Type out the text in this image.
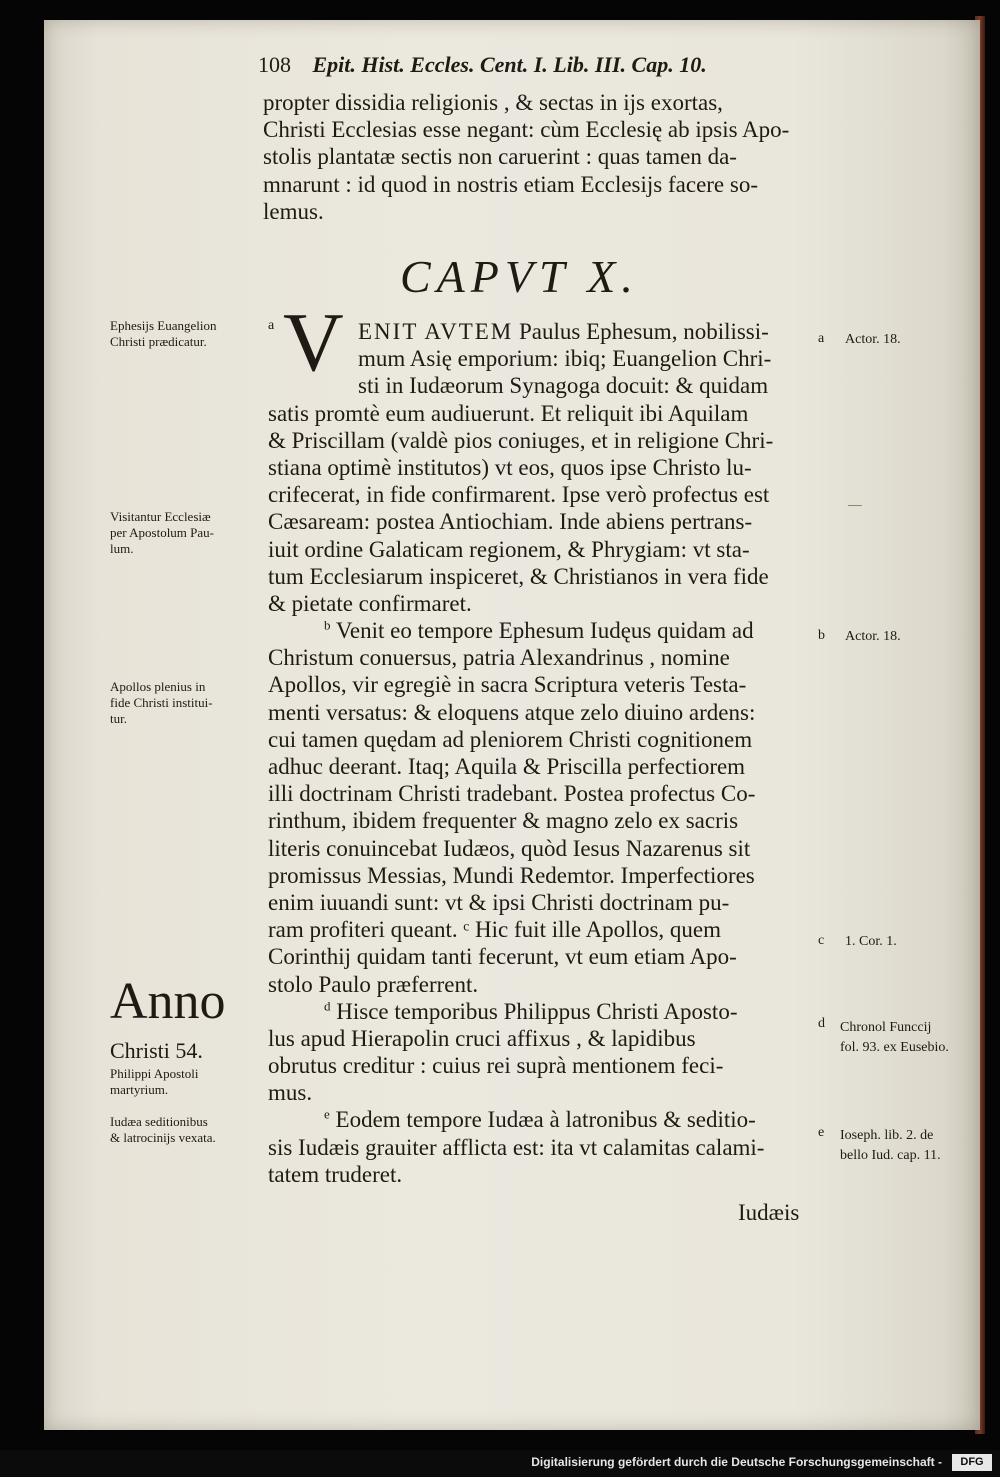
108 Epit. Hist. Eccles. Cent. I. Lib. III. Cap. 10.
propter dissidia religionis , & sectas in ijs exortas,
Christi Ecclesias esse negant: cùm Ecclesię ab ipsis Apo-
stolis plantatæ sectis non caruerint : quas tamen da-
mnarunt : id quod in nostris etiam Ecclesijs facere so-
lemus.
CAPVT X.
V ENIT AVTEM Paulus Ephesum, nobilissi-
mum Asię emporium: ibiq; Euangelion Chri-
sti in Iudæorum Synagoga docuit: & quidam
satis promtè eum audiuerunt. Et reliquit ibi Aquilam
& Priscillam (valdè pios coniuges, et in religione Chri-
stiana optimè institutos) vt eos, quos ipse Christo lu-
crifecerat, in fide confirmarent. Ipse verò profectus est
Cæsaream: postea Antiochiam. Inde abiens pertrans-
iuit ordine Galaticam regionem, & Phrygiam: vt sta-
tum Ecclesiarum inspiceret, & Christianos in vera fide
& pietate confirmaret.
$^b$ Venit eo tempore Ephesum Iudęus quidam ad
Christum conuersus, patria Alexandrinus , nomine
Apollos, vir egregiè in sacra Scriptura veteris Testa-
menti versatus: & eloquens atque zelo diuino ardens:
cui tamen quędam ad pleniorem Christi cognitionem
adhuc deerant. Itaq; Aquila & Priscilla perfectiorem
illi doctrinam Christi tradebant. Postea profectus Co-
rinthum, ibidem frequenter & magno zelo ex sacris
literis conuincebat Iudæos, quòd Iesus Nazarenus sit
promissus Messias, Mundi Redemtor. Imperfectiores
enim iuuandi sunt: vt & ipsi Christi doctrinam pu-
ram profiteri queant. ᶜ Hic fuit ille Apollos, quem
Corinthij quidam tanti fecerunt, vt eum etiam Apo-
stolo Paulo præferrent.
$^d$ Hisce temporibus Philippus Christi Aposto-
lus apud Hierapolin cruci affixus , & lapidibus
obrutus creditur : cuius rei suprà mentionem feci-
mus.
$^e$ Eodem tempore Iudæa à latronibus & seditio-
sis Iudæis grauiter afflicta est: ita vt calamitas calami-
tatem truderet.
Iudæis
Ephesijs Euangelion
Christi prædicatur.
a
Visitantur Ecclesiæ
per Apostolum Pau-
lum.
Apollos plenius in
fide Christi institui-
tur.
Anno
Christi 54.
Philippi Apostoli
martyrium.
Iudæa seditionibus
& latrocinijs vexata.
a Actor. 18.
b Actor. 18.
c 1. Cor. 1.
d Chronol Funccij
fol. 93. ex Eusebio.
e Ioseph. lib. 2. de
bello Iud. cap. 11.
Digitalisierung gefördert durch die Deutsche Forschungsgemeinschaft -	DFG
